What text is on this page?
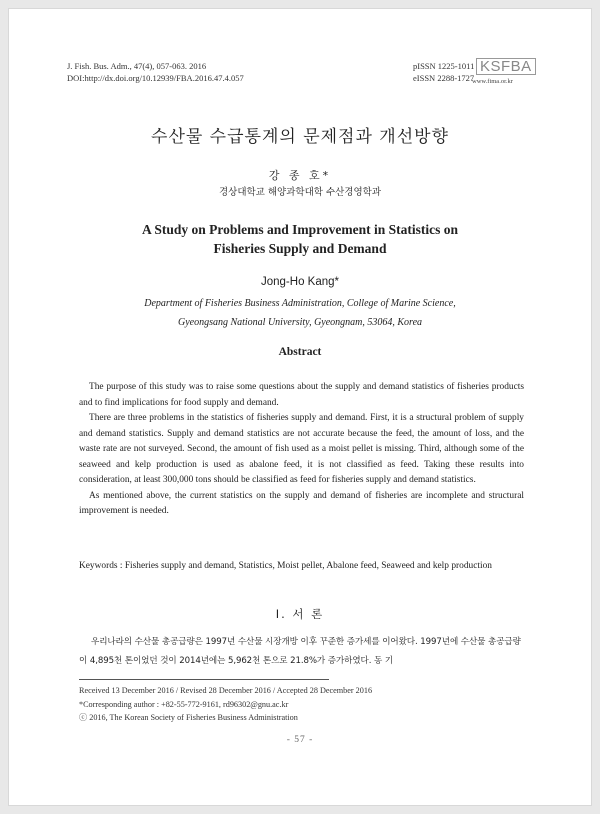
J. Fish. Bus. Adm., 47(4), 057-063. 2016
DOI:http://dx.doi.org/10.12939/FBA.2016.47.4.057
pISSN 1225-1011
eISSN 2288-1727
KSFBA
www.fima.or.kr
수산물 수급통계의 문제점과 개선방향
강 종 호*
경상대학교 해양과학대학 수산경영학과
A Study on Problems and Improvement in Statistics on
Fisheries Supply and Demand
Jong-Ho Kang*
Department of Fisheries Business Administration, College of Marine Science,
Gyeongsang National University, Gyeongnam, 53064, Korea
Abstract

The purpose of this study was to raise some questions about the supply and demand statistics of fisheries products and to find implications for food supply and demand.

There are three problems in the statistics of fisheries supply and demand. First, it is a structural problem of supply and demand statistics. Supply and demand statistics are not accurate because the feed, the amount of loss, and the waste rate are not surveyed. Second, the amount of fish used as a moist pellet is missing. Third, although some of the seaweed and kelp production is used as abalone feed, it is not classified as feed. Taking these results into consideration, at least 300,000 tons should be classified as feed for fisheries supply and demand statistics.

As mentioned above, the current statistics on the supply and demand of fisheries are incomplete and structural improvement is needed.

Keywords : Fisheries supply and demand, Statistics, Moist pellet, Abalone feed, Seaweed and kelp production
Ⅰ. 서 론

우리나라의 수산물 총공급량은 1997년 수산물 시장개방 이후 꾸준한 증가세를 이어왔다. 1997년에 수산물 총공급량이 4,895천 톤이었던 것이 2014년에는 5,962천 톤으로 21.8%가 증가하였다. 동 기

Received 13 December 2016 / Revised 28 December 2016 / Accepted 28 December 2016
*Corresponding author : +82-55-772-9161, rd96302@gnu.ac.kr
ⓒ 2016, The Korean Society of Fisheries Business Administration
- 57 -
